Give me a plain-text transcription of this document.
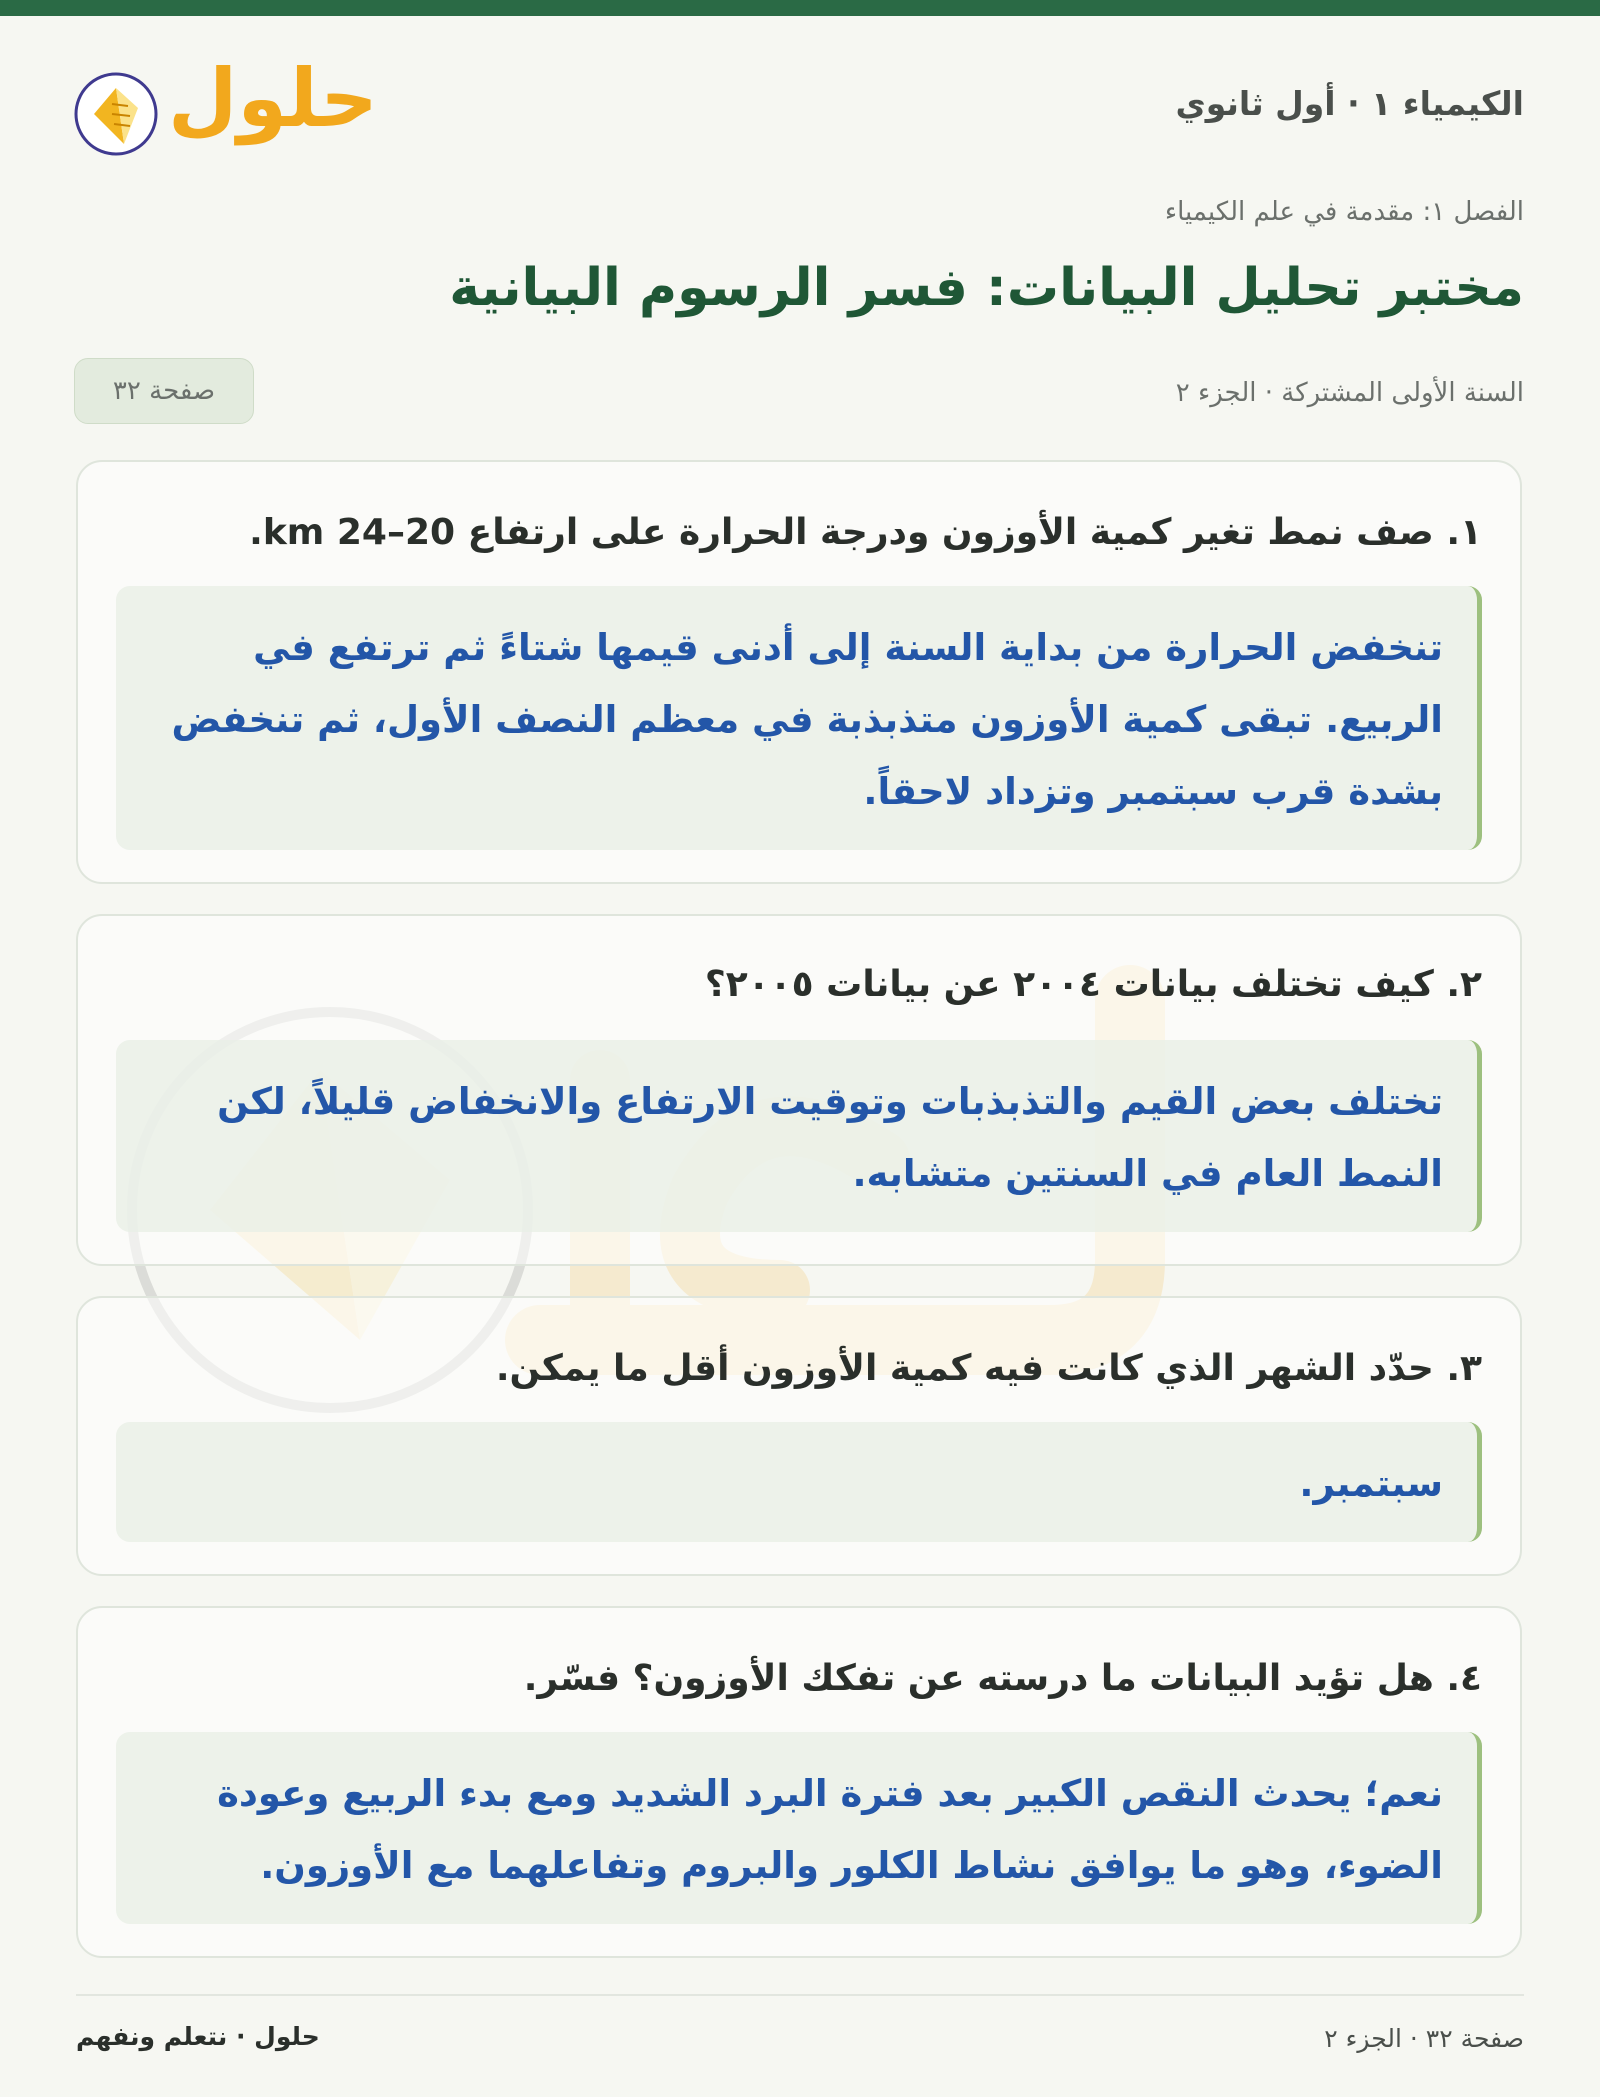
الكيمياء ١ · أول ثانوي
حلول
الفصل ١: مقدمة في علم الكيمياء
مختبر تحليل البيانات: فسر الرسوم البيانية
السنة الأولى المشتركة · الجزء ٢
صفحة ٣٢
١. صف نمط تغير كمية الأوزون ودرجة الحرارة على ارتفاع 20–24 km.
تنخفض الحرارة من بداية السنة إلى أدنى قيمها شتاءً ثم ترتفع في الربيع. تبقى كمية الأوزون متذبذبة في معظم النصف الأول، ثم تنخفض بشدة قرب سبتمبر وتزداد لاحقاً.
٢. كيف تختلف بيانات ٢٠٠٤ عن بيانات ٢٠٠٥؟
تختلف بعض القيم والتذبذبات وتوقيت الارتفاع والانخفاض قليلاً، لكن النمط العام في السنتين متشابه.
٣. حدّد الشهر الذي كانت فيه كمية الأوزون أقل ما يمكن.
سبتمبر.
٤. هل تؤيد البيانات ما درسته عن تفكك الأوزون؟ فسّر.
نعم؛ يحدث النقص الكبير بعد فترة البرد الشديد ومع بدء الربيع وعودة الضوء، وهو ما يوافق نشاط الكلور والبروم وتفاعلهما مع الأوزون.
صفحة ٣٢ · الجزء ٢
حلول · نتعلم ونفهم
